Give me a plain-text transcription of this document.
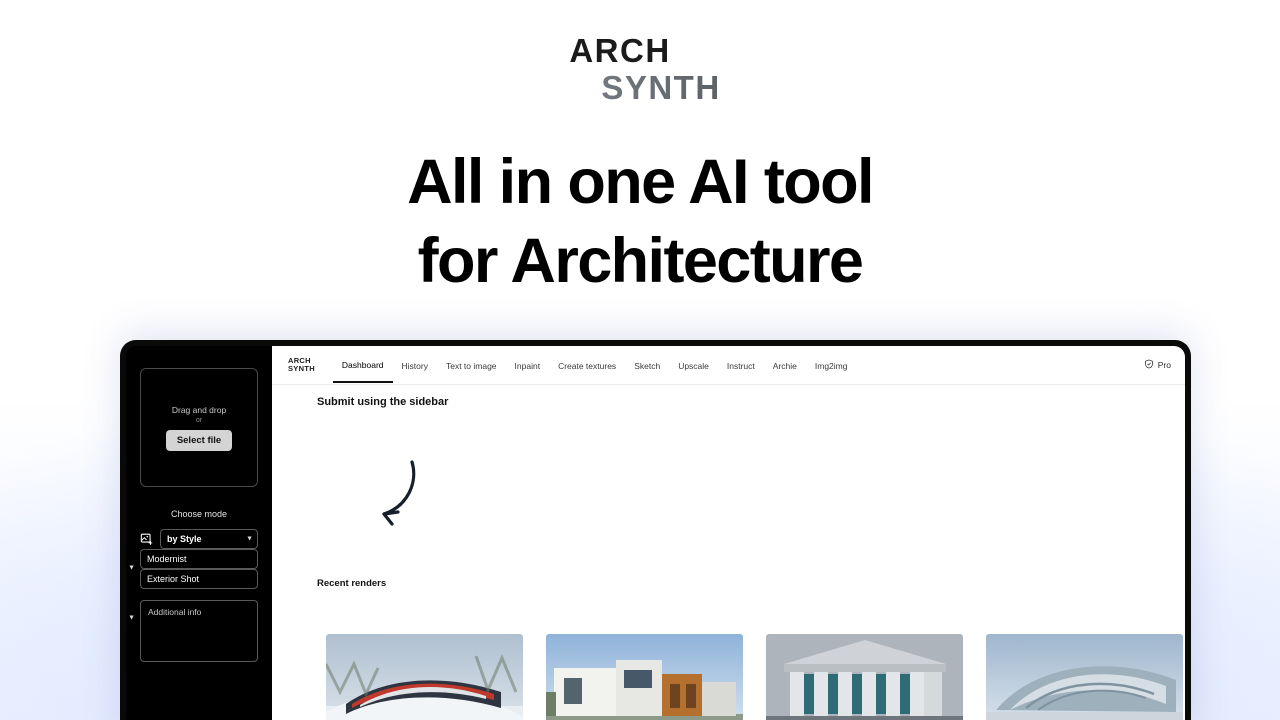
ARCH
SYNTH
All in one AI tool
for Architecture
Drag and drop
or
Select file
Choose mode
by Style
▼
Modernist
▼
Exterior Shot
▼
Additional info
ARCH
SYNTH	Dashboard	History	Text to image	Inpaint	Create textures	Sketch	Upscale	Instruct	Archie	Img2img	Pro
Submit using the sidebar
Recent renders
